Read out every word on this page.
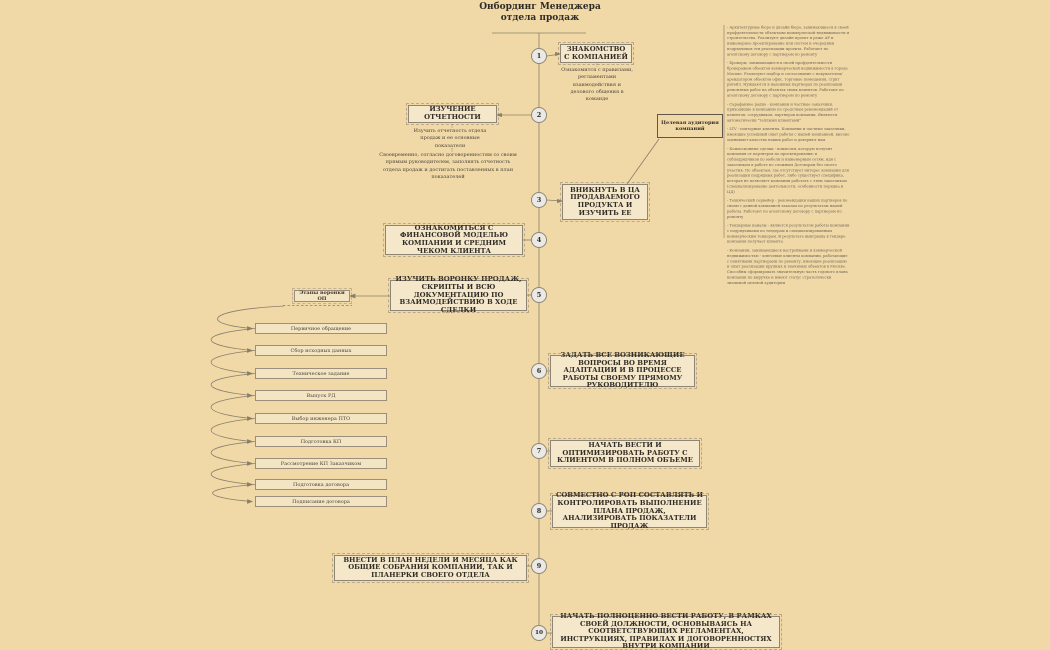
Онбординг Менеджера отдела продаж
1
2
3
4
5
6
7
8
9
10
ЗНАКОМСТВО С КОМПАНИЕЙ
Ознакомится с правилами, регламентами взаимодействия и делового общения в команде
ИЗУЧЕНИЕ ОТЧЕТНОСТИ
Изучить отчетность отдела продаж и ее основные показатели
Своевременно, согласно договоренностям со своим прямым руководителем, заполнять отчетность отдела продаж и достигать поставленных в план показателей
ВНИКНУТЬ В ЦА ПРОДАВАЕМОГО ПРОДУКТА И ИЗУЧИТЬ ЕЕ
ОЗНАКОМИТЬСЯ С ФИНАНСОВОЙ МОДЕЛЬЮ КОМПАНИИ И СРЕДНИМ ЧЕКОМ КЛИЕНТА
ИЗУЧИТЬ ВОРОНКУ ПРОДАЖ, СКРИПТЫ И ВСЮ ДОКУМЕНТАЦИЮ ПО ВЗАИМОДЕЙСТВИЮ В ХОДЕ СДЕЛКИ
ЗАДАТЬ ВСЕ ВОЗНИКАЮЩИЕ ВОПРОСЫ ВО ВРЕМЯ АДАПТАЦИИ И В ПРОЦЕССЕ РАБОТЫ СВОЕМУ ПРЯМОМУ РУКОВОДИТЕЛЮ
НАЧАТЬ ВЕСТИ И ОПТИМИЗИРОВАТЬ РАБОТУ С КЛИЕНТОМ В ПОЛНОМ ОБЪЕМЕ
СОВМЕСТНО С РОП СОСТАВЛЯТЬ И КОНТРОЛИРОВАТЬ ВЫПОЛНЕНИЕ ПЛАНА ПРОДАЖ, АНАЛИЗИРОВАТЬ ПОКАЗАТЕЛИ ПРОДАЖ
ВНЕСТИ В ПЛАН НЕДЕЛИ И МЕСЯЦА КАК ОБЩИЕ СОБРАНИЯ КОМПАНИИ, ТАК И ПЛАНЕРКИ СВОЕГО ОТДЕЛА
НАЧАТЬ ПОЛНОЦЕННО ВЕСТИ РАБОТУ, В РАМКАХ СВОЕЙ ДОЛЖНОСТИ, ОСНОВЫВАЯСЬ НА СООТВЕТСТВУЮЩИХ РЕГЛАМЕНТАХ, ИНСТРУКЦИЯХ, ПРАВИЛАХ И ДОГОВОРЕННОСТЯХ ВНУТРИ КОМПАНИИ
Этапы воронки ОП
Первичное обращение
Сбор исходных данных
Техническое задание
Выпуск РД
Выбор инженера ПТО
Подготовка КП
Рассмотрение КП Заказчиком
Подготовка договора
Подписание договора
Целевая аудитория компаний

- Архитектурные бюро и дизайн бюро, занимающиеся в своей профдеятельности объектами коммерческой недвижимости и строительства. Реализуют дизайн проект и реже АР и инженерное проектирование или систем и очередями подрядчиков эти реализации проекта. Работают по агентскому договору с партнером по ремонту

- Брокеры, занимающиеся в своей профдеятельности брокеражем объектов коммерческой недвижимости в городе Москве. Реализуют подбор и согласование с покупателем/арендатором объектов офис, торговые помещения, стрит ритейл. Нуждаются в надежных партнерах по реализации ремонтных работ на объектах своих клиентов. Работают по агентскому договору с партнером по ремонту

- Сарафанное радио - компании и частные заказчики, приходящие в компанию по средствам рекомендаций от клиентов, сотрудников, партнеров компании. Являются автоматически "теплыми клиентами"

- LTV - повторные клиенты. Компании и частные заказчики, имеющие успешный опыт работы с нашей компанией, высоко оценивают качество наших работ и доверяют нам

- Комиссионные сделки - комиссия, которую получит компания от партнеров по проектированию и субподрядчиков по мебели и инженерным сетям, идя с заказчиком в работе по сложным Договорам без своего участия. По объектам, где отсутствует интерес компании для реализации подрядных работ, либо существует специфика, которая не позволяет компании работать с этим заказчиком (специализирование деятельности, особенности порядка и ЦД)

- Технический сервейер - рекомендации наших партнеров по своим с данной компанией заказам по результатам нашей работы. Работают по агентскому договору с партнером по ремонту

- Тендерные каналы - является результатом работы компании с подрядчиками по тендерам и специализированным коммерческим тендерам. В результате выигрыша в тендере компания получает клиента

- Компании, занимающиеся настройками и коммерческой недвижимостью - ключевые клиенты компании, работающие с понятными партнерами по ремонту, имеющие реализацию и опыт реализации крупных и значимых объектов в Москве. Способны сформировать значительную часть годового плана компании по выручке и имеют статус стратегически значимой целевой аудитории
